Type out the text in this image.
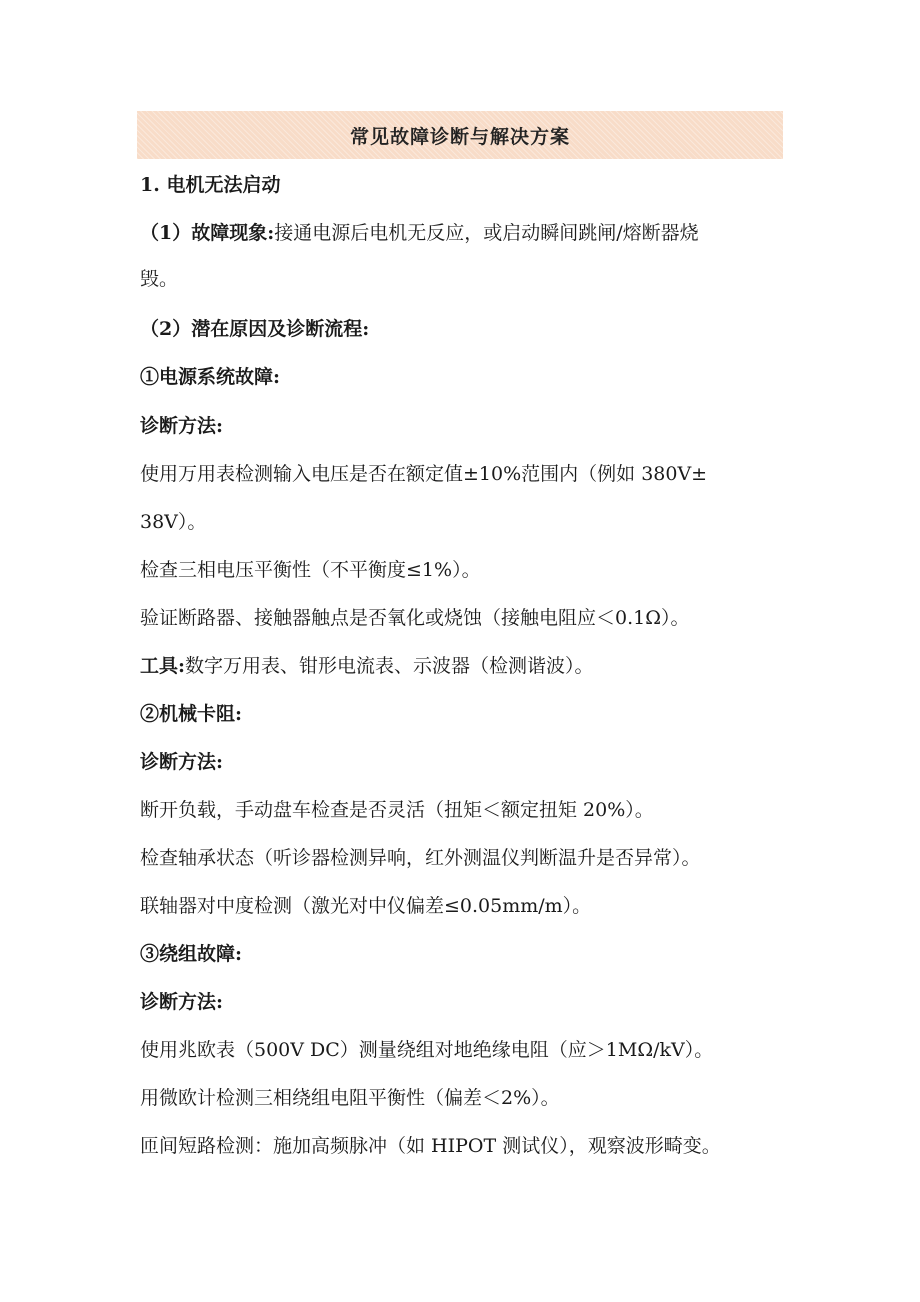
常见故障诊断与解决方案
1. 电机无法启动
（1）故障现象:接通电源后电机无反应，或启动瞬间跳闸/熔断器烧
毁。
（2）潜在原因及诊断流程:
①电源系统故障:
诊断方法:
使用万用表检测输入电压是否在额定值±10%范围内（例如 380V±
38V）。
检查三相电压平衡性（不平衡度≤1%）。
验证断路器、接触器触点是否氧化或烧蚀（接触电阻应＜0.1Ω）。
工具:数字万用表、钳形电流表、示波器（检测谐波）。
②机械卡阻:
诊断方法:
断开负载，手动盘车检查是否灵活（扭矩＜额定扭矩 20%）。
检查轴承状态（听诊器检测异响，红外测温仪判断温升是否异常）。
联轴器对中度检测（激光对中仪偏差≤0.05mm/m）。
③绕组故障:
诊断方法:
使用兆欧表（500V DC）测量绕组对地绝缘电阻（应＞1MΩ/kV）。
用微欧计检测三相绕组电阻平衡性（偏差＜2%）。
匝间短路检测：施加高频脉冲（如 HIPOT 测试仪），观察波形畸变。
